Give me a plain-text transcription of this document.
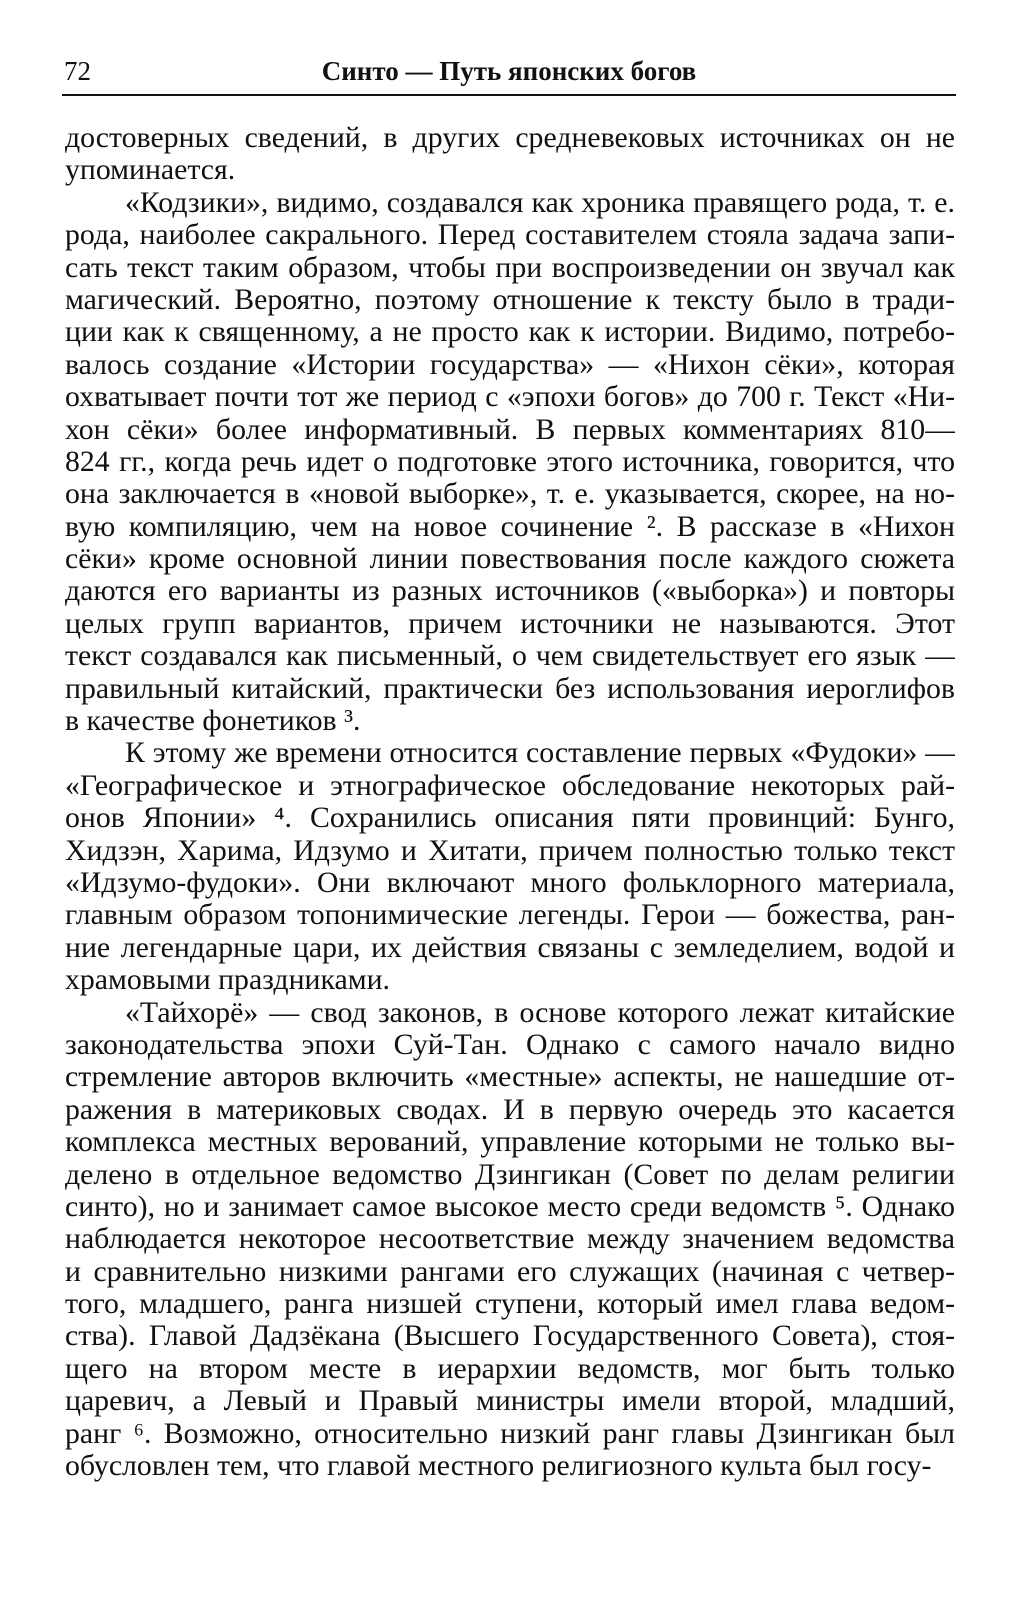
72	Синто — Путь японских богов
достоверных сведений, в других средневековых источниках он не
упоминается.
«Кодзики», видимо, создавался как хроника правящего рода, т. е.
рода, наиболее сакрального. Перед составителем стояла задача запи-
сать текст таким образом, чтобы при воспроизведении он звучал как
магический. Вероятно, поэтому отношение к тексту было в тради-
ции как к священному, а не просто как к истории. Видимо, потребо-
валось создание «Истории государства» — «Нихон сёки», которая
охватывает почти тот же период с «эпохи богов» до 700 г. Текст «Ни-
хон сёки» более информативный. В первых комментариях 810—
824 гг., когда речь идет о подготовке этого источника, говорится, что
она заключается в «новой выборке», т. е. указывается, скорее, на но-
вую компиляцию, чем на новое сочинение ². В рассказе в «Нихон
сёки» кроме основной линии повествования после каждого сюжета
даются его варианты из разных источников («выборка») и повторы
целых групп вариантов, причем источники не называются. Этот
текст создавался как письменный, о чем свидетельствует его язык —
правильный китайский, практически без использования иероглифов
в качестве фонетиков ³.
К этому же времени относится составление первых «Фудоки» —
«Географическое и этнографическое обследование некоторых рай-
онов Японии» ⁴. Сохранились описания пяти провинций: Бунго,
Хидзэн, Харима, Идзумо и Хитати, причем полностью только текст
«Идзумо-фудоки». Они включают много фольклорного материала,
главным образом топонимические легенды. Герои — божества, ран-
ние легендарные цари, их действия связаны с земледелием, водой и
храмовыми праздниками.
«Тайхорё» — свод законов, в основе которого лежат китайские
законодательства эпохи Суй-Тан. Однако с самого начало видно
стремление авторов включить «местные» аспекты, не нашедшие от-
ражения в материковых сводах. И в первую очередь это касается
комплекса местных верований, управление которыми не только вы-
делено в отдельное ведомство Дзингикан (Совет по делам религии
синто), но и занимает самое высокое место среди ведомств ⁵. Однако
наблюдается некоторое несоответствие между значением ведомства
и сравнительно низкими рангами его служащих (начиная с четвер-
того, младшего, ранга низшей ступени, который имел глава ведом-
ства). Главой Дадзёкана (Высшего Государственного Совета), стоя-
щего на втором месте в иерархии ведомств, мог быть только
царевич, а Левый и Правый министры имели второй, младший,
ранг ⁶. Возможно, относительно низкий ранг главы Дзингикан был
обусловлен тем, что главой местного религиозного культа был госу-
